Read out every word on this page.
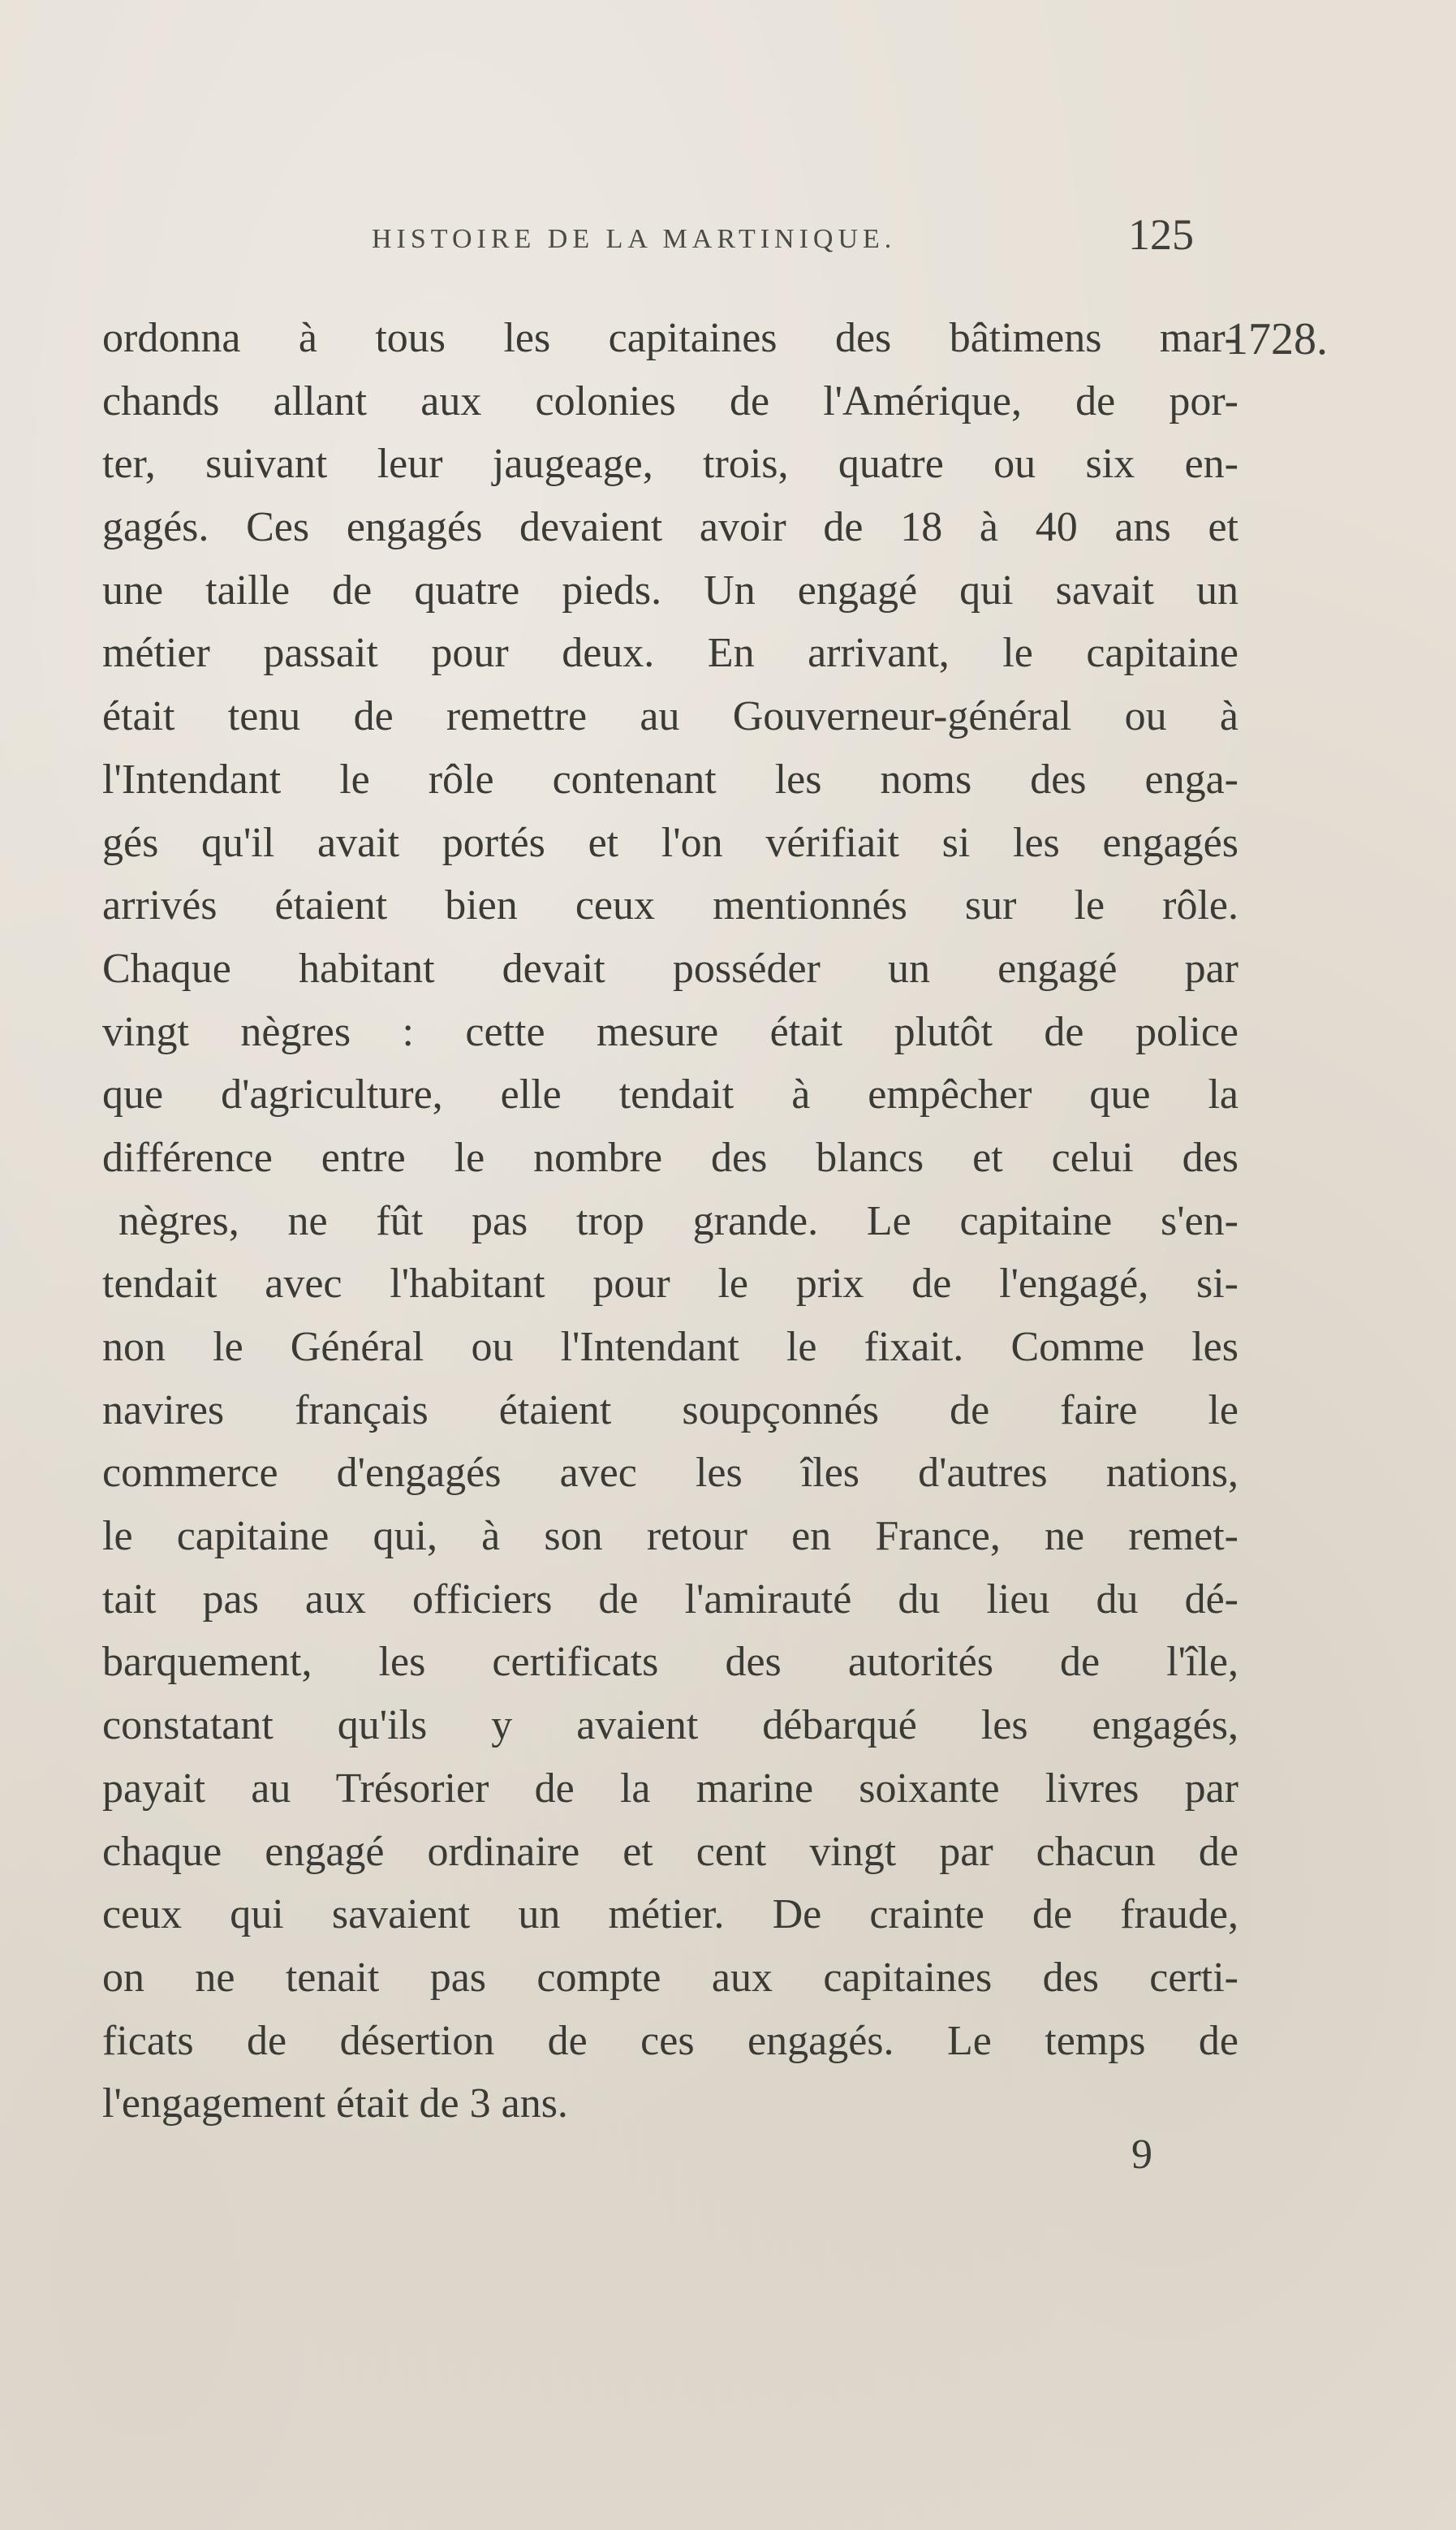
HISTOIRE DE LA MARTINIQUE.	125
1728.
ordonna à tous les capitaines des bâtimens mar-
chands allant aux colonies de l'Amérique, de por-
ter, suivant leur jaugeage, trois, quatre ou six en-
gagés. Ces engagés devaient avoir de 18 à 40 ans et
une taille de quatre pieds. Un engagé qui savait un
métier passait pour deux. En arrivant, le capitaine
était tenu de remettre au Gouverneur-général ou à
l'Intendant le rôle contenant les noms des enga-
gés qu'il avait portés et l'on vérifiait si les engagés
arrivés étaient bien ceux mentionnés sur le rôle.
Chaque habitant devait posséder un engagé par
vingt nègres : cette mesure était plutôt de police
que d'agriculture, elle tendait à empêcher que la
différence entre le nombre des blancs et celui des
nègres, ne fût pas trop grande. Le capitaine s'en-
tendait avec l'habitant pour le prix de l'engagé, si-
non le Général ou l'Intendant le fixait. Comme les
navires français étaient soupçonnés de faire le
commerce d'engagés avec les îles d'autres nations,
le capitaine qui, à son retour en France, ne remet-
tait pas aux officiers de l'amirauté du lieu du dé-
barquement, les certificats des autorités de l'île,
constatant qu'ils y avaient débarqué les engagés,
payait au Trésorier de la marine soixante livres par
chaque engagé ordinaire et cent vingt par chacun de
ceux qui savaient un métier. De crainte de fraude,
on ne tenait pas compte aux capitaines des certi-
ficats de désertion de ces engagés. Le temps de
l'engagement était de 3 ans.
9
